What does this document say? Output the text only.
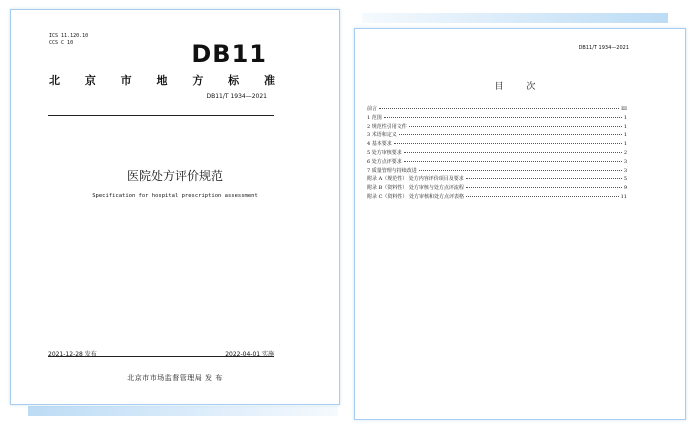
ICS 11.120.10
CCS C 10	DB11
北 京 市 地 方 标 准
DB11/T 1934—2021
医院处方评价规范
Specification for hospital prescription assessment
2021-12-28 发布	2022-04-01 实施
北京市市场监督管理局 发 布
DB11/T 1934—2021
目 次
前言	III
1 范围	1
2 规范性引用文件	1
3 术语和定义	1
4 基本要求	1
5 处方审核要求	2
6 处方点评要求	3
7 质量管理与持续改进	3
附录 A（规范性） 处方内容评价项目及要求	5
附录 B（资料性） 处方审核与处方点评流程	9
附录 C（资料性） 处方审核和处方点评表格	11
